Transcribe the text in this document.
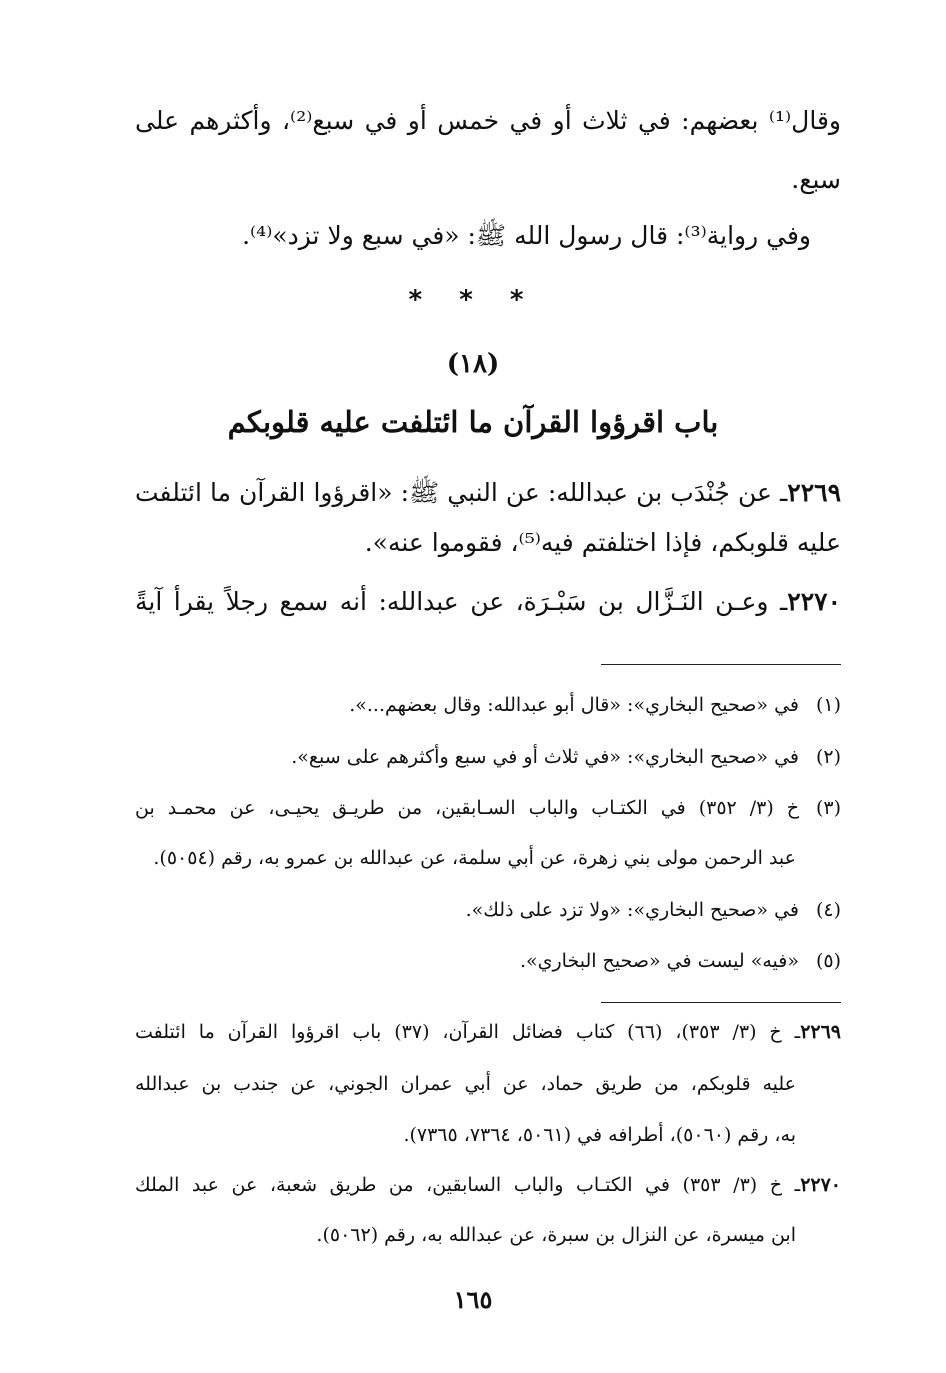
وقال⁽¹⁾ بعضهم: في ثلاث أو في خمس أو في سبع⁽²⁾، وأكثرهم على
سبع.
وفي رواية⁽³⁾: قال رسول الله ﷺ: «في سبع ولا تزد»⁽⁴⁾.
* * *
(١٨)
باب اقرؤوا القرآن ما ائتلفت عليه قلوبكم
٢٢٦٩ـ عن جُنْدَب بن عبدالله: عن النبي ﷺ: «اقرؤوا القرآن ما ائتلفت
عليه قلوبكم، فإذا اختلفتم فيه⁽⁵⁾، فقوموا عنه».
٢٢٧٠ـ وعـن النَـزَّال بن سَبْـرَة، عن عبدالله: أنه سمع رجلاً يقرأ آيةً
(١)في «صحيح البخاري»: «قال أبو عبدالله: وقال بعضهم...».
(٢)في «صحيح البخاري»: «في ثلاث أو في سبع وأكثرهم على سبع».
(٣)خ (٣/ ٣٥٢) في الكتـاب والباب السـابقين، من طريـق يحيـى، عن محمـد بن
عبد الرحمن مولى بني زهرة، عن أبي سلمة، عن عبدالله بن عمرو به، رقم (٥٠٥٤).
(٤)في «صحيح البخاري»: «ولا تزد على ذلك».
(٥)«فيه» ليست في «صحيح البخاري».
٢٢٦٩ـ خ (٣/ ٣٥٣)، (٦٦) كتاب فضائل القرآن، (٣٧) باب اقرؤوا القرآن ما ائتلفت
عليه قلوبكم، من طريق حماد، عن أبي عمران الجوني، عن جندب بن عبدالله
به، رقم (٥٠٦٠)، أطرافه في (٥٠٦١، ٧٣٦٤، ٧٣٦٥).
٢٢٧٠ـ خ (٣/ ٣٥٣) في الكتـاب والباب السابقين، من طريق شعبة، عن عبد الملك
ابن ميسرة، عن النزال بن سبرة، عن عبدالله به، رقم (٥٠٦٢).
١٦٥
